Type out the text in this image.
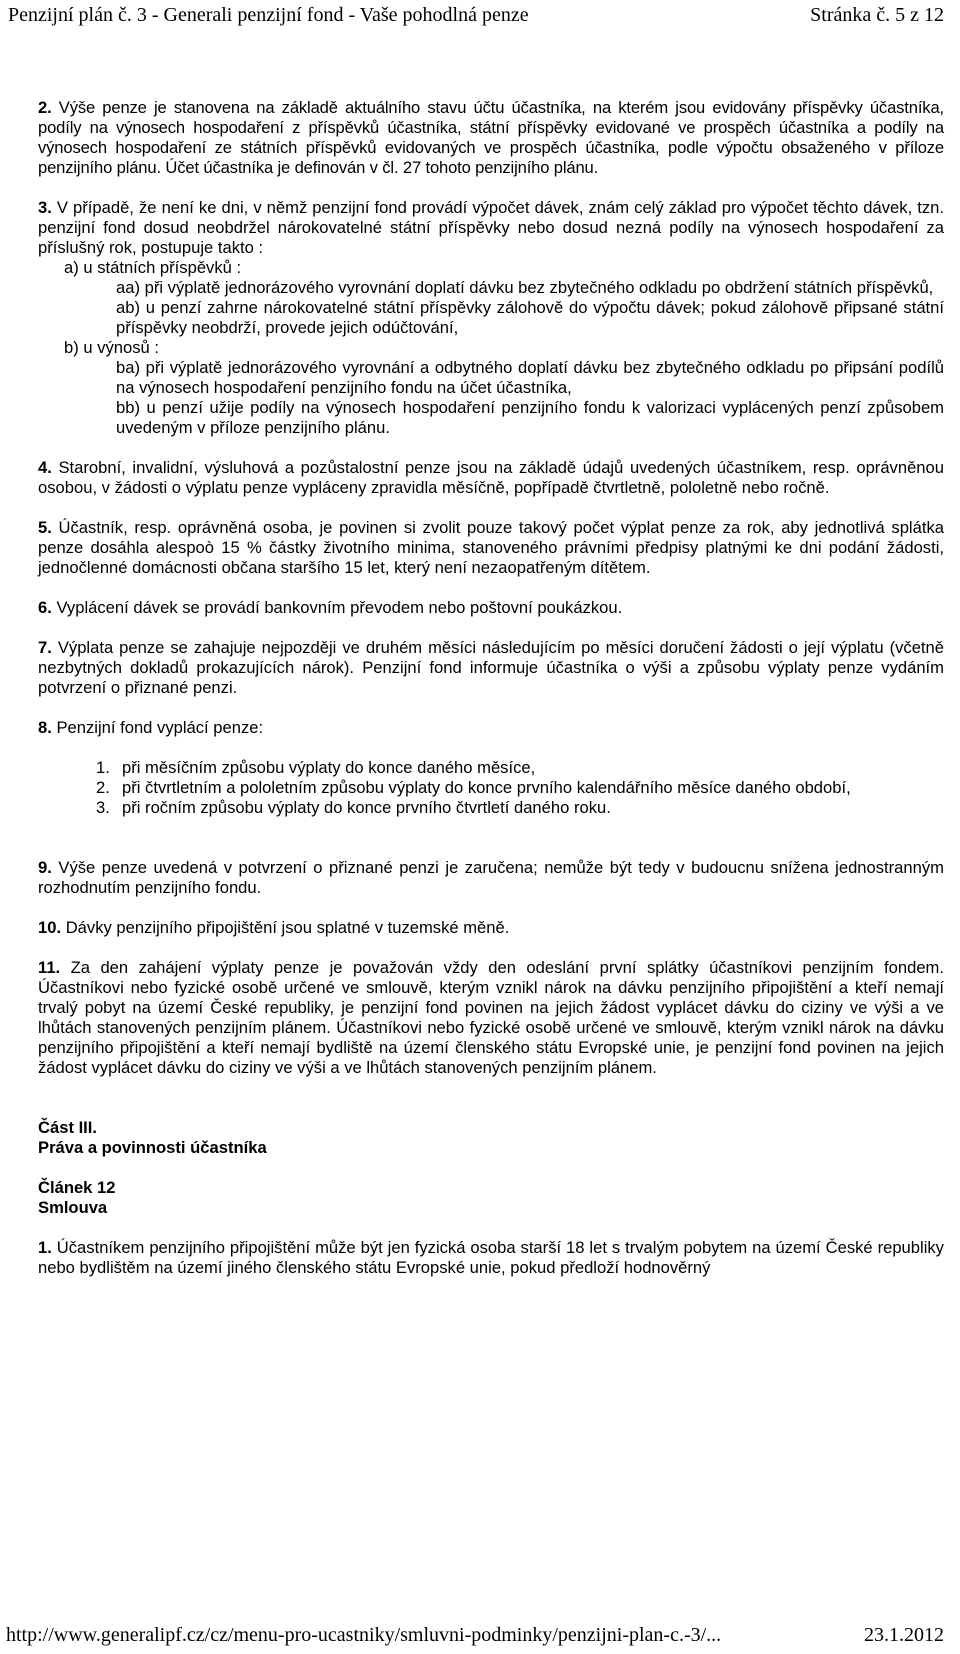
Penzijní plán č. 3 - Generali penzijní fond - Vaše pohodlná penze	Stránka č. 5 z 12

2. Výše penze je stanovena na základě aktuálního stavu účtu účastníka, na kterém jsou evidovány příspěvky účastníka, podíly na výnosech hospodaření z příspěvků účastníka, státní příspěvky evidované ve prospěch účastníka a podíly na výnosech hospodaření ze státních příspěvků evidovaných ve prospěch účastníka, podle výpočtu obsaženého v příloze penzijního plánu. Účet účastníka je definován v čl. 27 tohoto penzijního plánu.

3. V případě, že není ke dni, v němž penzijní fond provádí výpočet dávek, znám celý základ pro výpočet těchto dávek, tzn. penzijní fond dosud neobdržel nárokovatelné státní příspěvky nebo dosud nezná podíly na výnosech hospodaření za příslušný rok, postupuje takto :

a) u státních příspěvků :
aa) při výplatě jednorázového vyrovnání doplatí dávku bez zbytečného odkladu po obdržení státních příspěvků,
ab) u penzí zahrne nárokovatelné státní příspěvky zálohově do výpočtu dávek; pokud zálohově připsané státní příspěvky neobdrží, provede jejich odúčtování,
b) u výnosů :
ba) při výplatě jednorázového vyrovnání a odbytného doplatí dávku bez zbytečného odkladu po připsání podílů na výnosech hospodaření penzijního fondu na účet účastníka,
bb) u penzí užije podíly na výnosech hospodaření penzijního fondu k valorizaci vyplácených penzí způsobem uvedeným v příloze penzijního plánu.

4. Starobní, invalidní, výsluhová a pozůstalostní penze jsou na základě údajů uvedených účastníkem, resp. oprávněnou osobou, v žádosti o výplatu penze vypláceny zpravidla měsíčně, popřípadě čtvrtletně, pololetně nebo ročně.

5. Účastník, resp. oprávněná osoba, je povinen si zvolit pouze takový počet výplat penze za rok, aby jednotlivá splátka penze dosáhla alespoò 15 % částky životního minima, stanoveného právními předpisy platnými ke dni podání žádosti, jednočlenné domácnosti občana staršího 15 let, který není nezaopatřeným dítětem.

6. Vyplácení dávek se provádí bankovním převodem nebo poštovní poukázkou.

7. Výplata penze se zahajuje nejpozději ve druhém měsíci následujícím po měsíci doručení žádosti o její výplatu (včetně nezbytných dokladů prokazujících nárok). Penzijní fond informuje účastníka o výši a způsobu výplaty penze vydáním potvrzení o přiznané penzi.

8. Penzijní fond vyplácí penze:

1. při měsíčním způsobu výplaty do konce daného měsíce,
2. při čtvrtletním a pololetním způsobu výplaty do konce prvního kalendářního měsíce daného období,
3. při ročním způsobu výplaty do konce prvního čtvrtletí daného roku.

9. Výše penze uvedená v potvrzení o přiznané penzi je zaručena; nemůže být tedy v budoucnu snížena jednostranným rozhodnutím penzijního fondu.

10. Dávky penzijního připojištění jsou splatné v tuzemské měně.

11. Za den zahájení výplaty penze je považován vždy den odeslání první splátky účastníkovi penzijním fondem. Účastníkovi nebo fyzické osobě určené ve smlouvě, kterým vznikl nárok na dávku penzijního připojištění a kteří nemají trvalý pobyt na území České republiky, je penzijní fond povinen na jejich žádost vyplácet dávku do ciziny ve výši a ve lhůtách stanovených penzijním plánem. Účastníkovi nebo fyzické osobě určené ve smlouvě, kterým vznikl nárok na dávku penzijního připojištění a kteří nemají bydliště na území členského státu Evropské unie, je penzijní fond povinen na jejich žádost vyplácet dávku do ciziny ve výši a ve lhůtách stanovených penzijním plánem.

Část III.

Práva a povinnosti účastníka

Článek 12

Smlouva

1. Účastníkem penzijního připojištění může být jen fyzická osoba starší 18 let s trvalým pobytem na území České republiky nebo bydlištěm na území jiného členského státu Evropské unie, pokud předloží hodnověrný

http://www.generalipf.cz/cz/menu-pro-ucastniky/smluvni-podminky/penzijni-plan-c.-3/...	23.1.2012
